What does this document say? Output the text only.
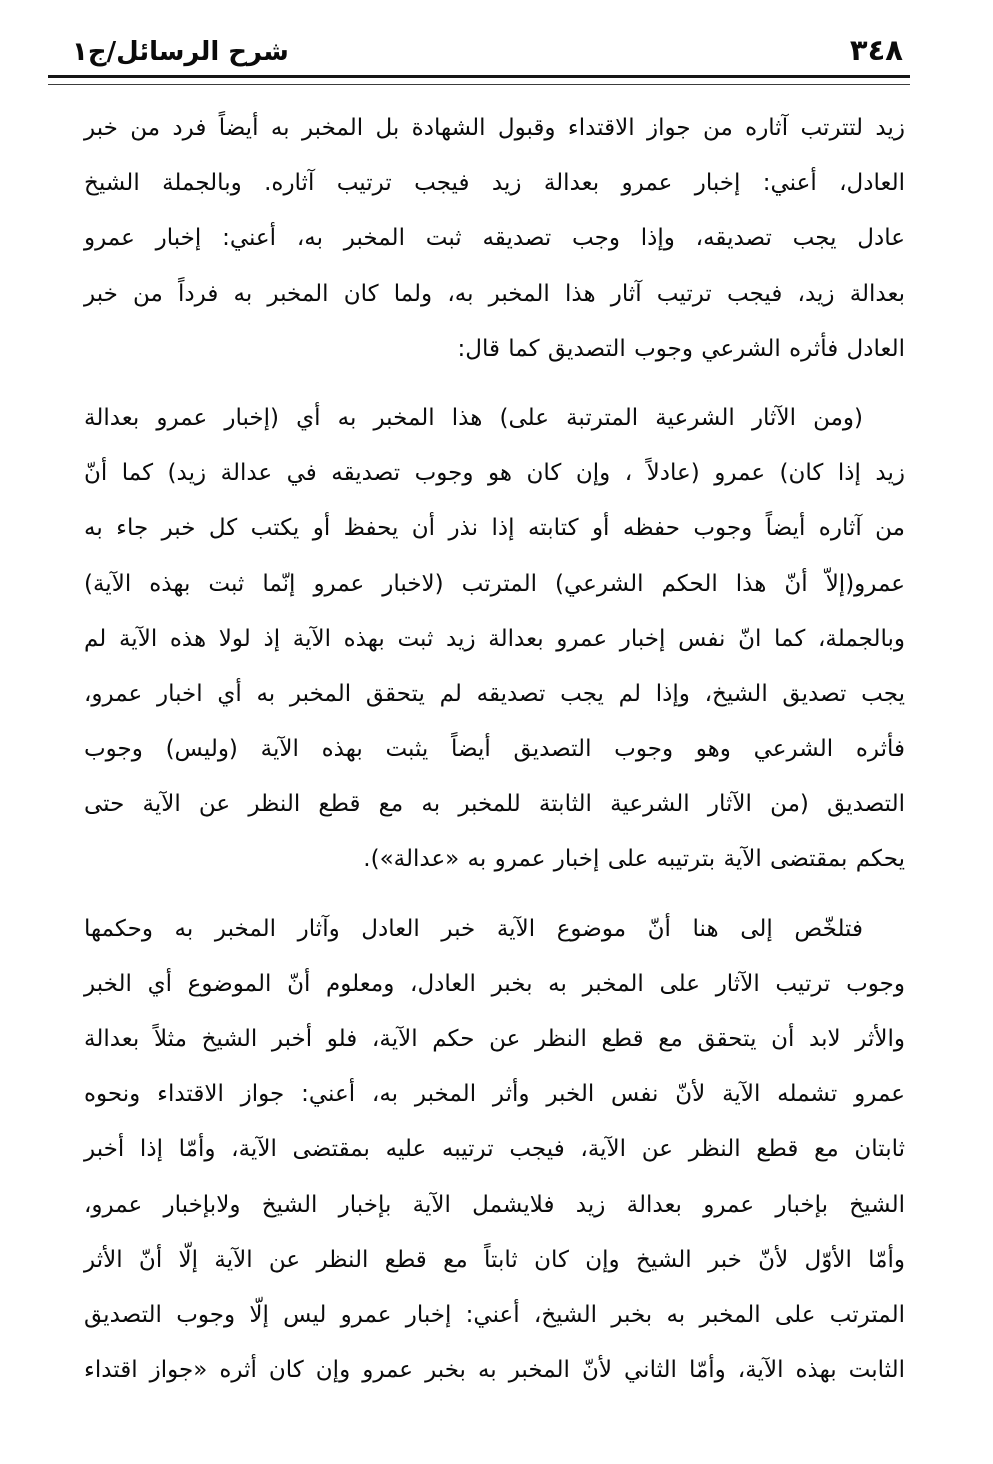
٣٤٨
شرح الرسائل/ج١
زيد لتترتب آثاره من جواز الاقتداء وقبول الشهادة بل المخبر به أيضاً فرد من خبر
العادل، أعني: إخبار عمرو بعدالة زيد فيجب ترتيب آثاره. وبالجملة الشيخ
عادل يجب تصديقه، وإذا وجب تصديقه ثبت المخبر به، أعني: إخبار عمرو
بعدالة زيد، فيجب ترتيب آثار هذا المخبر به، ولما كان المخبر به فرداً من خبر
العادل فأثره الشرعي وجوب التصديق كما قال:
(ومن الآثار الشرعية المترتبة على) هذا المخبر به أي (إخبار عمرو بعدالة
زيد إذا كان) عمرو (عادلاً ، وإن كان هو وجوب تصديقه في عدالة زيد) كما أنّ
من آثاره أيضاً وجوب حفظه أو كتابته إذا نذر أن يحفظ أو يكتب كل خبر جاء به
عمرو(إلاّ أنّ هذا الحكم الشرعي) المترتب (لاخبار عمرو إنّما ثبت بهذه الآية)
وبالجملة، كما انّ نفس إخبار عمرو بعدالة زيد ثبت بهذه الآية إذ لولا هذه الآية لم
يجب تصديق الشيخ، وإذا لم يجب تصديقه لم يتحقق المخبر به أي اخبار عمرو،
فأثره الشرعي وهو وجوب التصديق أيضاً يثبت بهذه الآية (وليس) وجوب
التصديق (من الآثار الشرعية الثابتة للمخبر به مع قطع النظر عن الآية حتى
يحكم بمقتضى الآية بترتيبه على إخبار عمرو به «عدالة»).
فتلخّص إلى هنا أنّ موضوع الآية خبر العادل وآثار المخبر به وحكمها
وجوب ترتيب الآثار على المخبر به بخبر العادل، ومعلوم أنّ الموضوع أي الخبر
والأثر لابد أن يتحقق مع قطع النظر عن حكم الآية، فلو أخبر الشيخ مثلاً بعدالة
عمرو تشمله الآية لأنّ نفس الخبر وأثر المخبر به، أعني: جواز الاقتداء ونحوه
ثابتان مع قطع النظر عن الآية، فيجب ترتيبه عليه بمقتضى الآية، وأمّا إذا أخبر
الشيخ بإخبار عمرو بعدالة زيد فلايشمل الآية بإخبار الشيخ ولابإخبار عمرو،
وأمّا الأوّل لأنّ خبر الشيخ وإن كان ثابتاً مع قطع النظر عن الآية إلّا أنّ الأثر
المترتب على المخبر به بخبر الشيخ، أعني: إخبار عمرو ليس إلّا وجوب التصديق
الثابت بهذه الآية، وأمّا الثاني لأنّ المخبر به بخبر عمرو وإن كان أثره «جواز اقتداء
